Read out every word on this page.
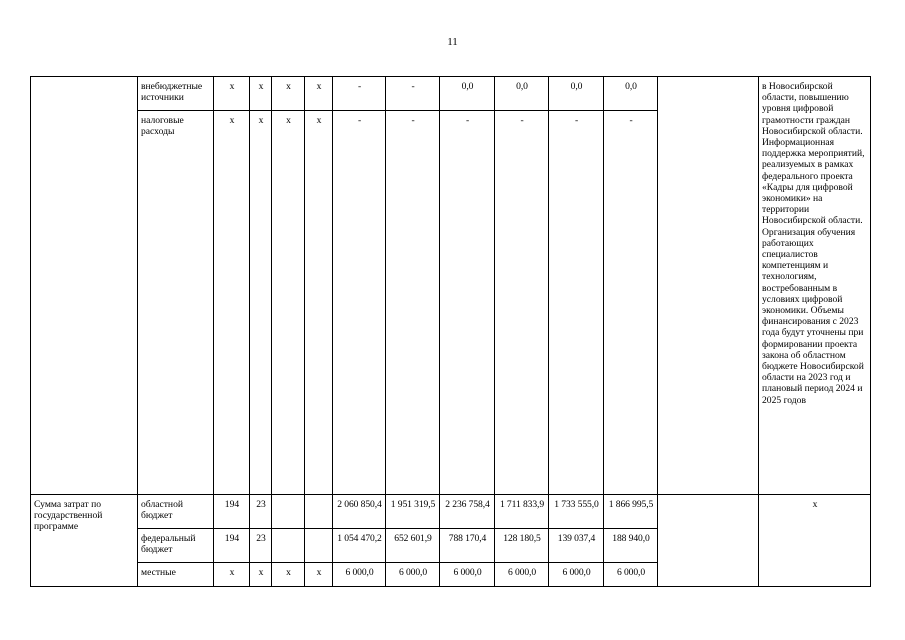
11
	внебюджетные источники	x	x	x	x	-	-	0,0	0,0	0,0	0,0		в Новосибирской области, повышению уровня цифровой грамотности граждан Новосибирской области. Информационная поддержка мероприятий, реализуемых в рамках федерального проекта «Кадры для цифровой экономики» на территории Новосибирской области. Организация обучения работающих специалистов компетенциям и технологиям, востребованным в условиях цифровой экономики. Объемы финансирования с 2023 года будут уточнены при формировании проекта закона об областном бюджете Новосибирской области на 2023 год и плановый период 2024 и 2025 годов
	налоговые расходы	x	x	x	x	-	-	-	-	-	-		
Сумма затрат по государственной программе	областной бюджет	194	23			2 060 850,4	1 951 319,5	2 236 758,4	1 711 833,9	1 733 555,0	1 866 995,5		x
	федеральный бюджет	194	23			1 054 470,2	652 601,9	788 170,4	128 180,5	139 037,4	188 940,0		
	местные	x	x	x	x	6 000,0	6 000,0	6 000,0	6 000,0	6 000,0	6 000,0		
